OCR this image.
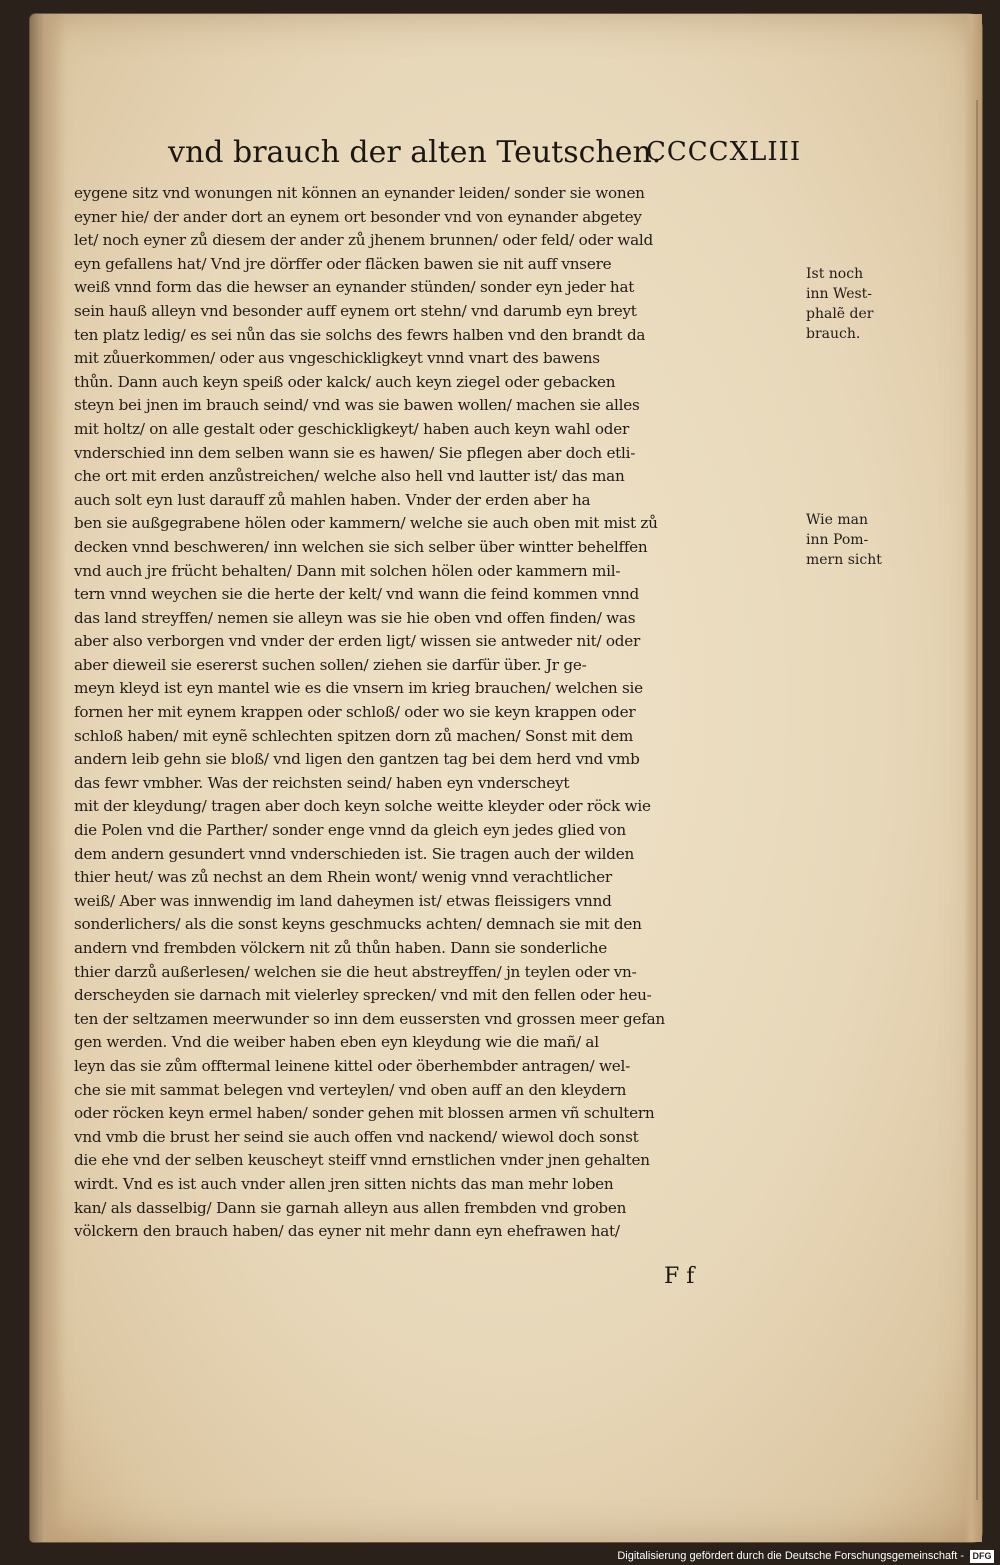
vnd brauch der alten Teutschen.
CCCCXLIII
eygene sitz vnd wonungen nit können an eynander leiden/ sonder sie wonen
eyner hie/ der ander dort an eynem ort besonder vnd von eynander abgetey
let/ noch eyner zů diesem der ander zů jhenem brunnen/ oder feld/ oder wald
eyn gefallens hat/ Vnd jre dörffer oder fläcken bawen sie nit auff vnsere
weiß vnnd form das die hewser an eynander stünden/ sonder eyn jeder hat
sein hauß alleyn vnd besonder auff eynem ort stehn/ vnd darumb eyn breyt
ten platz ledig/ es sei nůn das sie solchs des fewrs halben vnd den brandt da
mit zůuerkommen/ oder aus vngeschickligkeyt vnnd vnart des bawens
thůn. Dann auch keyn speiß oder kalck/ auch keyn ziegel oder gebacken
steyn bei jnen im brauch seind/ vnd was sie bawen wollen/ machen sie alles
mit holtz/ on alle gestalt oder geschickligkeyt/ haben auch keyn wahl oder
vnderschied inn dem selben wann sie es hawen/ Sie pflegen aber doch etli-
che ort mit erden anzůstreichen/ welche also hell vnd lautter ist/ das man
auch solt eyn lust darauff zů mahlen haben. Vnder der erden aber ha
ben sie außgegrabene hölen oder kammern/ welche sie auch oben mit mist zů
decken vnnd beschweren/ inn welchen sie sich selber über wintter behelffen
vnd auch jre frücht behalten/ Dann mit solchen hölen oder kammern mil-
tern vnnd weychen sie die herte der kelt/ vnd wann die feind kommen vnnd
das land streyffen/ nemen sie alleyn was sie hie oben vnd offen finden/ was
aber also verborgen vnd vnder der erden ligt/ wissen sie antweder nit/ oder
aber dieweil sie esererst suchen sollen/ ziehen sie darfür über. Jr ge-
meyn kleyd ist eyn mantel wie es die vnsern im krieg brauchen/ welchen sie
fornen her mit eynem krappen oder schloß/ oder wo sie keyn krappen oder
schloß haben/ mit eynẽ schlechten spitzen dorn zů machen/ Sonst mit dem
andern leib gehn sie bloß/ vnd ligen den gantzen tag bei dem herd vnd vmb
das fewr vmbher. Was der reichsten seind/ haben eyn vnderscheyt
mit der kleydung/ tragen aber doch keyn solche weitte kleyder oder röck wie
die Polen vnd die Parther/ sonder enge vnnd da gleich eyn jedes glied von
dem andern gesundert vnnd vnderschieden ist. Sie tragen auch der wilden
thier heut/ was zů nechst an dem Rhein wont/ wenig vnnd verachtlicher
weiß/ Aber was innwendig im land daheymen ist/ etwas fleissigers vnnd
sonderlichers/ als die sonst keyns geschmucks achten/ demnach sie mit den
andern vnd frembden völckern nit zů thůn haben. Dann sie sonderliche
thier darzů außerlesen/ welchen sie die heut abstreyffen/ jn teylen oder vn-
derscheyden sie darnach mit vielerley sprecken/ vnd mit den fellen oder heu-
ten der seltzamen meerwunder so inn dem eussersten vnd grossen meer gefan
gen werden. Vnd die weiber haben eben eyn kleydung wie die mañ/ al
leyn das sie zům offtermal leinene kittel oder öberhembder antragen/ wel-
che sie mit sammat belegen vnd verteylen/ vnd oben auff an den kleydern
oder röcken keyn ermel haben/ sonder gehen mit blossen armen vñ schultern
vnd vmb die brust her seind sie auch offen vnd nackend/ wiewol doch sonst
die ehe vnd der selben keuscheyt steiff vnnd ernstlichen vnder jnen gehalten
wirdt. Vnd es ist auch vnder allen jren sitten nichts das man mehr loben
kan/ als dasselbig/ Dann sie garnah alleyn aus allen frembden vnd groben
völckern den brauch haben/ das eyner nit mehr dann eyn ehefrawen hat/
Ist noch
inn West-
phalẽ der
brauch.
Wie man
inn Pom-
mern sicht
F f
Digitalisierung gefördert durch die Deutsche Forschungsgemeinschaft - DFG
